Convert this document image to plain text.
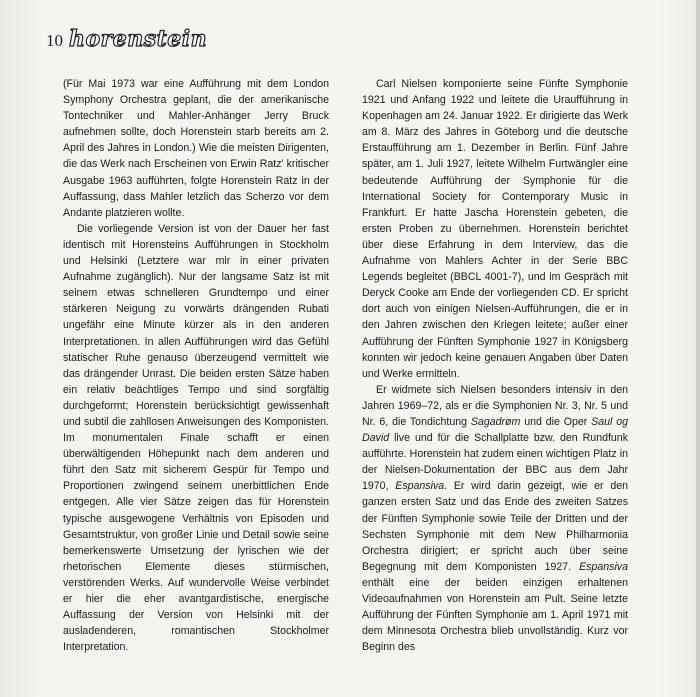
10 horenstein

(Für Mai 1973 war eine Aufführung mit dem London Symphony Orchestra geplant, die der amerikanische Tontechniker und Mahler-Anhänger Jerry Bruck aufnehmen sollte, doch Horenstein starb bereits am 2. April des Jahres in London.) Wie die meisten Dirigenten, die das Werk nach Erscheinen von Erwin Ratz' kritischer Ausgabe 1963 aufführten, folgte Horenstein Ratz in der Auffassung, dass Mahler letzlich das Scherzo vor dem Andante platzieren wollte.

Die vorliegende Version ist von der Dauer her fast identisch mit Horensteins Aufführungen in Stockholm und Helsinki (Letztere war mir in einer privaten Aufnahme zugänglich). Nur der langsame Satz ist mit seinem etwas schnelleren Grundtempo und einer stärkeren Neigung zu vorwärts drängenden Rubati ungefähr eine Minute kürzer als in den anderen Interpretationen. In allen Aufführungen wird das Gefühl statischer Ruhe genauso überzeugend vermittelt wie das drängender Unrast. Die beiden ersten Sätze haben ein relativ beächtliges Tempo und sind sorgfältig durchgeformt; Horenstein berücksichtigt gewissenhaft und subtil die zahllosen Anweisungen des Komponisten. Im monumentalen Finale schafft er einen überwältigenden Höhepunkt nach dem anderen und führt den Satz mit sicherem Gespür für Tempo und Proportionen zwingend seinem unerbittlichen Ende entgegen. Alle vier Sätze zeigen das für Horenstein typische ausgewogene Verhältnis von Episoden und Gesamtstruktur, von großer Linie und Detail sowie seine bemerkenswerte Umsetzung der lyrischen wie der rhetorischen Elemente dieses stürmischen, verstörenden Werks. Auf wundervolle Weise verbindet er hier die eher avantgardistische, energische Auffassung der Version von Helsinki mit der ausladenderen, romantischen Stockholmer Interpretation.

Carl Nielsen komponierte seine Fünfte Symphonie 1921 und Anfang 1922 und leitete die Uraufführung in Kopenhagen am 24. Januar 1922. Er dirigierte das Werk am 8. März des Jahres in Göteborg und die deutsche Erstaufführung am 1. Dezember in Berlin. Fünf Jahre später, am 1. Juli 1927, leitete Wilhelm Furtwängler eine bedeutende Aufführung der Symphonie für die International Society for Contemporary Music in Frankfurt. Er hatte Jascha Horenstein gebeten, die ersten Proben zu übernehmen. Horenstein berichtet über diese Erfahrung in dem Interview, das die Aufnahme von Mahlers Achter in der Serie BBC Legends begleitet (BBCL 4001-7), und im Gespräch mit Deryck Cooke am Ende der vorliegenden CD. Er spricht dort auch von einigen Nielsen-Aufführungen, die er in den Jahren zwischen den Kriegen leitete; außer einer Aufführung der Fünften Symphonie 1927 in Königsberg konnten wir jedoch keine genauen Angaben über Daten und Werke ermitteln.

Er widmete sich Nielsen besonders intensiv in den Jahren 1969–72, als er die Symphonien Nr. 3, Nr. 5 und Nr. 6, die Tondichtung Sagadrøm und die Oper Saul og David live und für die Schallplatte bzw. den Rundfunk aufführte. Horenstein hat zudem einen wichtigen Platz in der Nielsen-Dokumentation der BBC aus dem Jahr 1970, Espansiva. Er wird darin gezeigt, wie er den ganzen ersten Satz und das Ende des zweiten Satzes der Fünften Symphonie sowie Teile der Dritten und der Sechsten Symphonie mit dem New Philharmonia Orchestra dirigiert; er spricht auch über seine Begegnung mit dem Komponisten 1927. Espansiva enthält eine der beiden einzigen erhaltenen Videoaufnahmen von Horenstein am Pult. Seine letzte Aufführung der Fünften Symphonie am 1. April 1971 mit dem Minnesota Orchestra blieb unvollständig. Kurz vor Beginn des
